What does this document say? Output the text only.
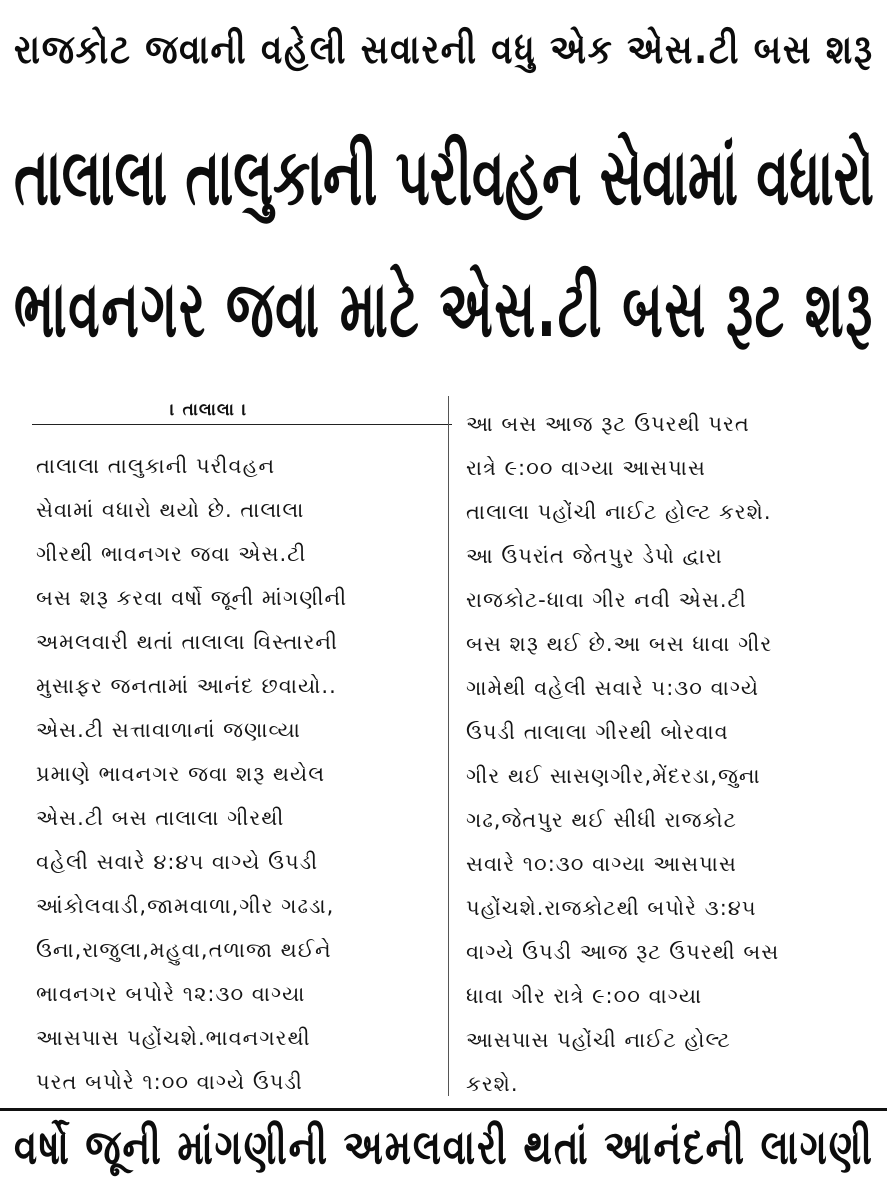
રાજકોટ જવાની વહેલી સવારની વધુ એક એસ.ટી બસ શરૂ
તાલાલા તાલુકાની પરીવહન સેવામાં વધારો
ભાવનગર જવા માટે એસ.ટી બસ રૂટ શરૂ
। તાલાલા ।
તાલાલા તાલુકાની પરીવહન
સેવામાં વધારો થયો છે. તાલાલા
ગીરથી ભાવનગર જવા એસ.ટી
બસ શરૂ કરવા વર્ષો જૂની માંગણીની
અમલવારી થતાં તાલાલા વિસ્તારની
મુસાફર જનતામાં આનંદ છવાયો..
એસ.ટી સત્તાવાળાનાં જણાવ્યા
પ્રમાણે ભાવનગર જવા શરૂ થયેલ
એસ.ટી બસ તાલાલા ગીરથી
વહેલી સવારે ૪:૪૫ વાગ્યે ઉપડી
આંકોલવાડી,જામવાળા,ગીર ગઢડા,
ઉના,રાજુલા,મહુવા,તળાજા થઈને
ભાવનગર બપોરે ૧૨:૩૦ વાગ્યા
આસપાસ પહોંચશે.ભાવનગરથી
પરત બપોરે ૧:૦૦ વાગ્યે ઉપડી
આ બસ આજ રૂટ ઉપરથી પરત
રાત્રે ૯:૦૦ વાગ્યા આસપાસ
તાલાલા પહોંચી નાઈટ હોલ્ટ કરશે.
આ ઉપરાંત જેતપુર ડેપો દ્વારા
રાજકોટ-ધાવા ગીર નવી એસ.ટી
બસ શરૂ થઈ છે.આ બસ ધાવા ગીર
ગામેથી વહેલી સવારે ૫:૩૦ વાગ્યે
ઉપડી તાલાલા ગીરથી બોરવાવ
ગીર થઈ સાસણગીર,મેંદરડા,જુના
ગઢ,જેતપુર થઈ સીધી રાજકોટ
સવારે ૧૦:૩૦ વાગ્યા આસપાસ
પહોંચશે.રાજકોટથી બપોરે ૩:૪૫
વાગ્યે ઉપડી આજ રૂટ ઉપરથી બસ
ધાવા ગીર રાત્રે ૯:૦૦ વાગ્યા
આસપાસ પહોંચી નાઈટ હોલ્ટ
કરશે.
વર્ષો જૂની માંગણીની અમલવારી થતાં આનંદની લાગણી
